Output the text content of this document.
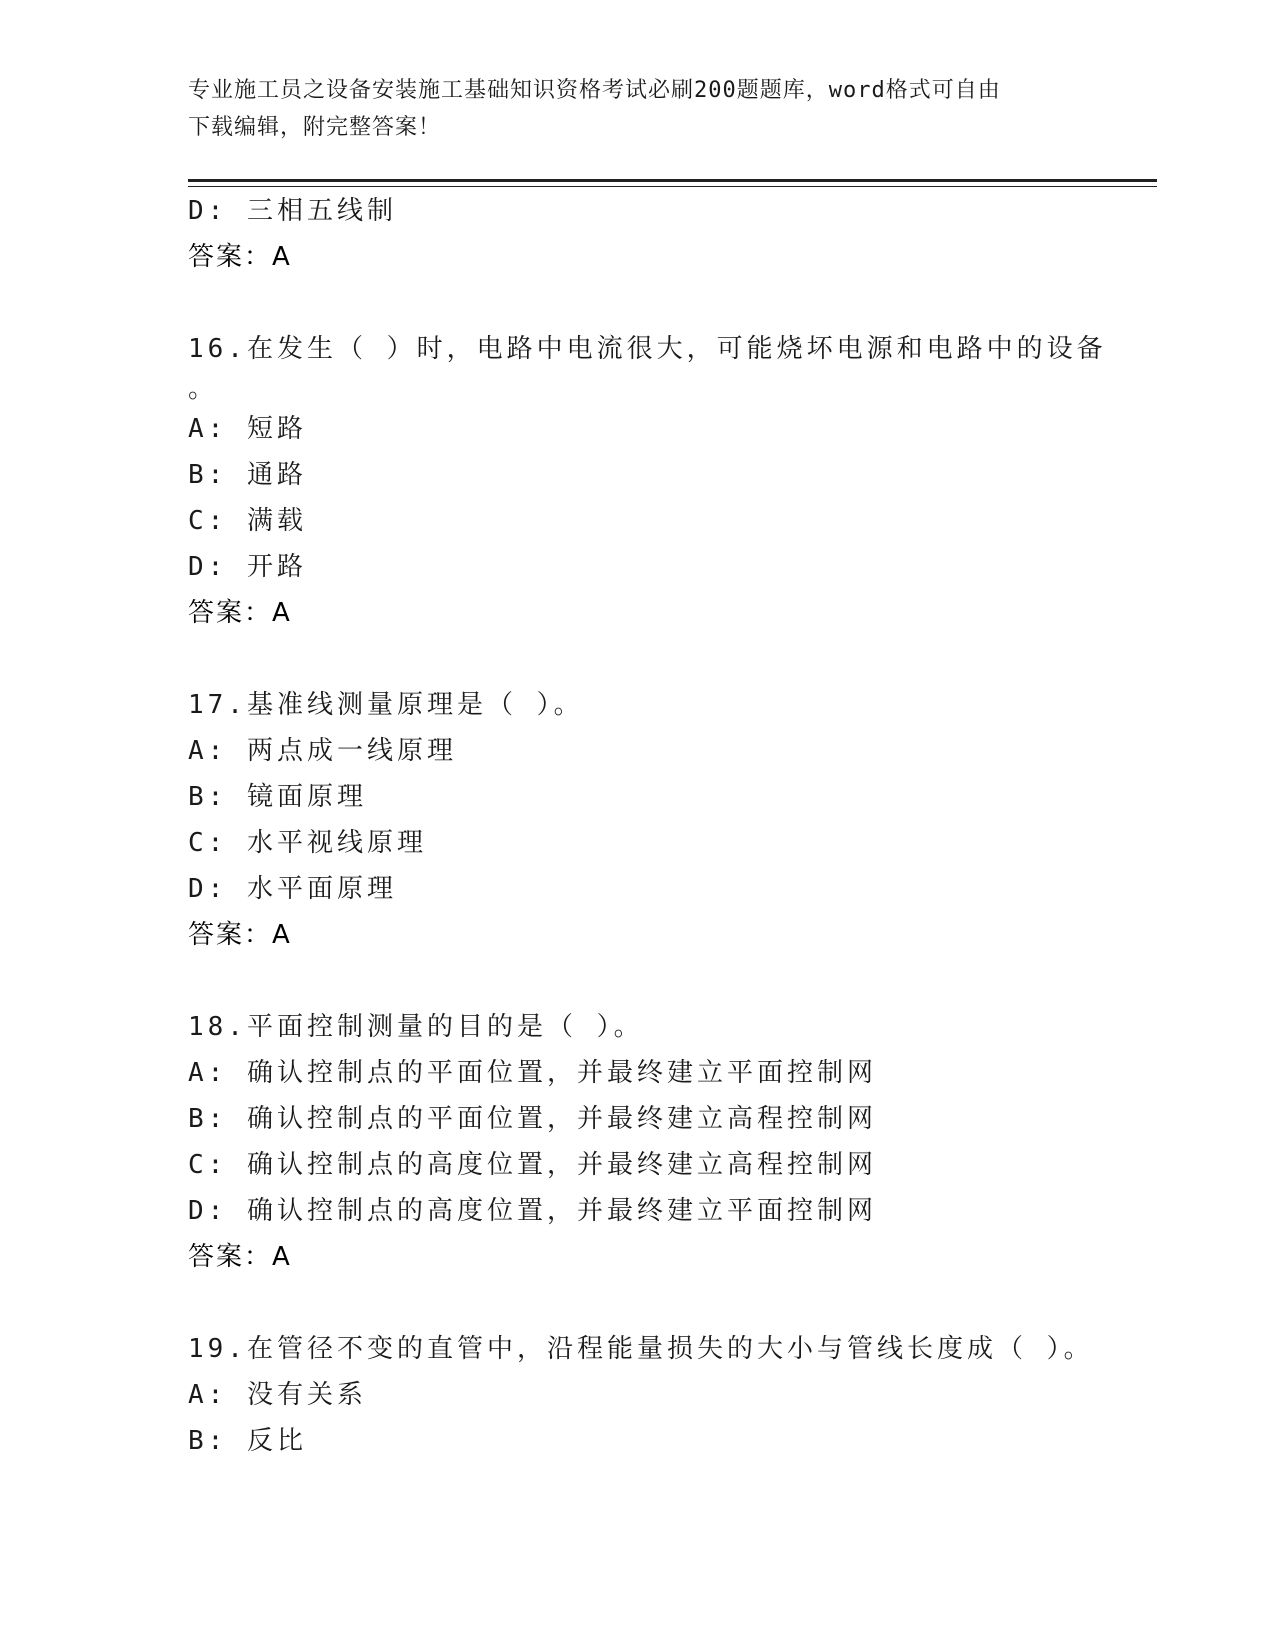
专业施工员之设备安装施工基础知识资格考试必刷200题题库，word格式可自由
下载编辑，附完整答案！
D: 三相五线制
答案：A
16.在发生（ ）时，电路中电流很大，可能烧坏电源和电路中的设备
。
A: 短路
B: 通路
C: 满载
D: 开路
答案：A
17.基准线测量原理是（ ）。
A: 两点成一线原理
B: 镜面原理
C: 水平视线原理
D: 水平面原理
答案：A
18.平面控制测量的目的是（ ）。
A: 确认控制点的平面位置，并最终建立平面控制网
B: 确认控制点的平面位置，并最终建立高程控制网
C: 确认控制点的高度位置，并最终建立高程控制网
D: 确认控制点的高度位置，并最终建立平面控制网
答案：A
19.在管径不变的直管中，沿程能量损失的大小与管线长度成（ ）。
A: 没有关系
B: 反比
